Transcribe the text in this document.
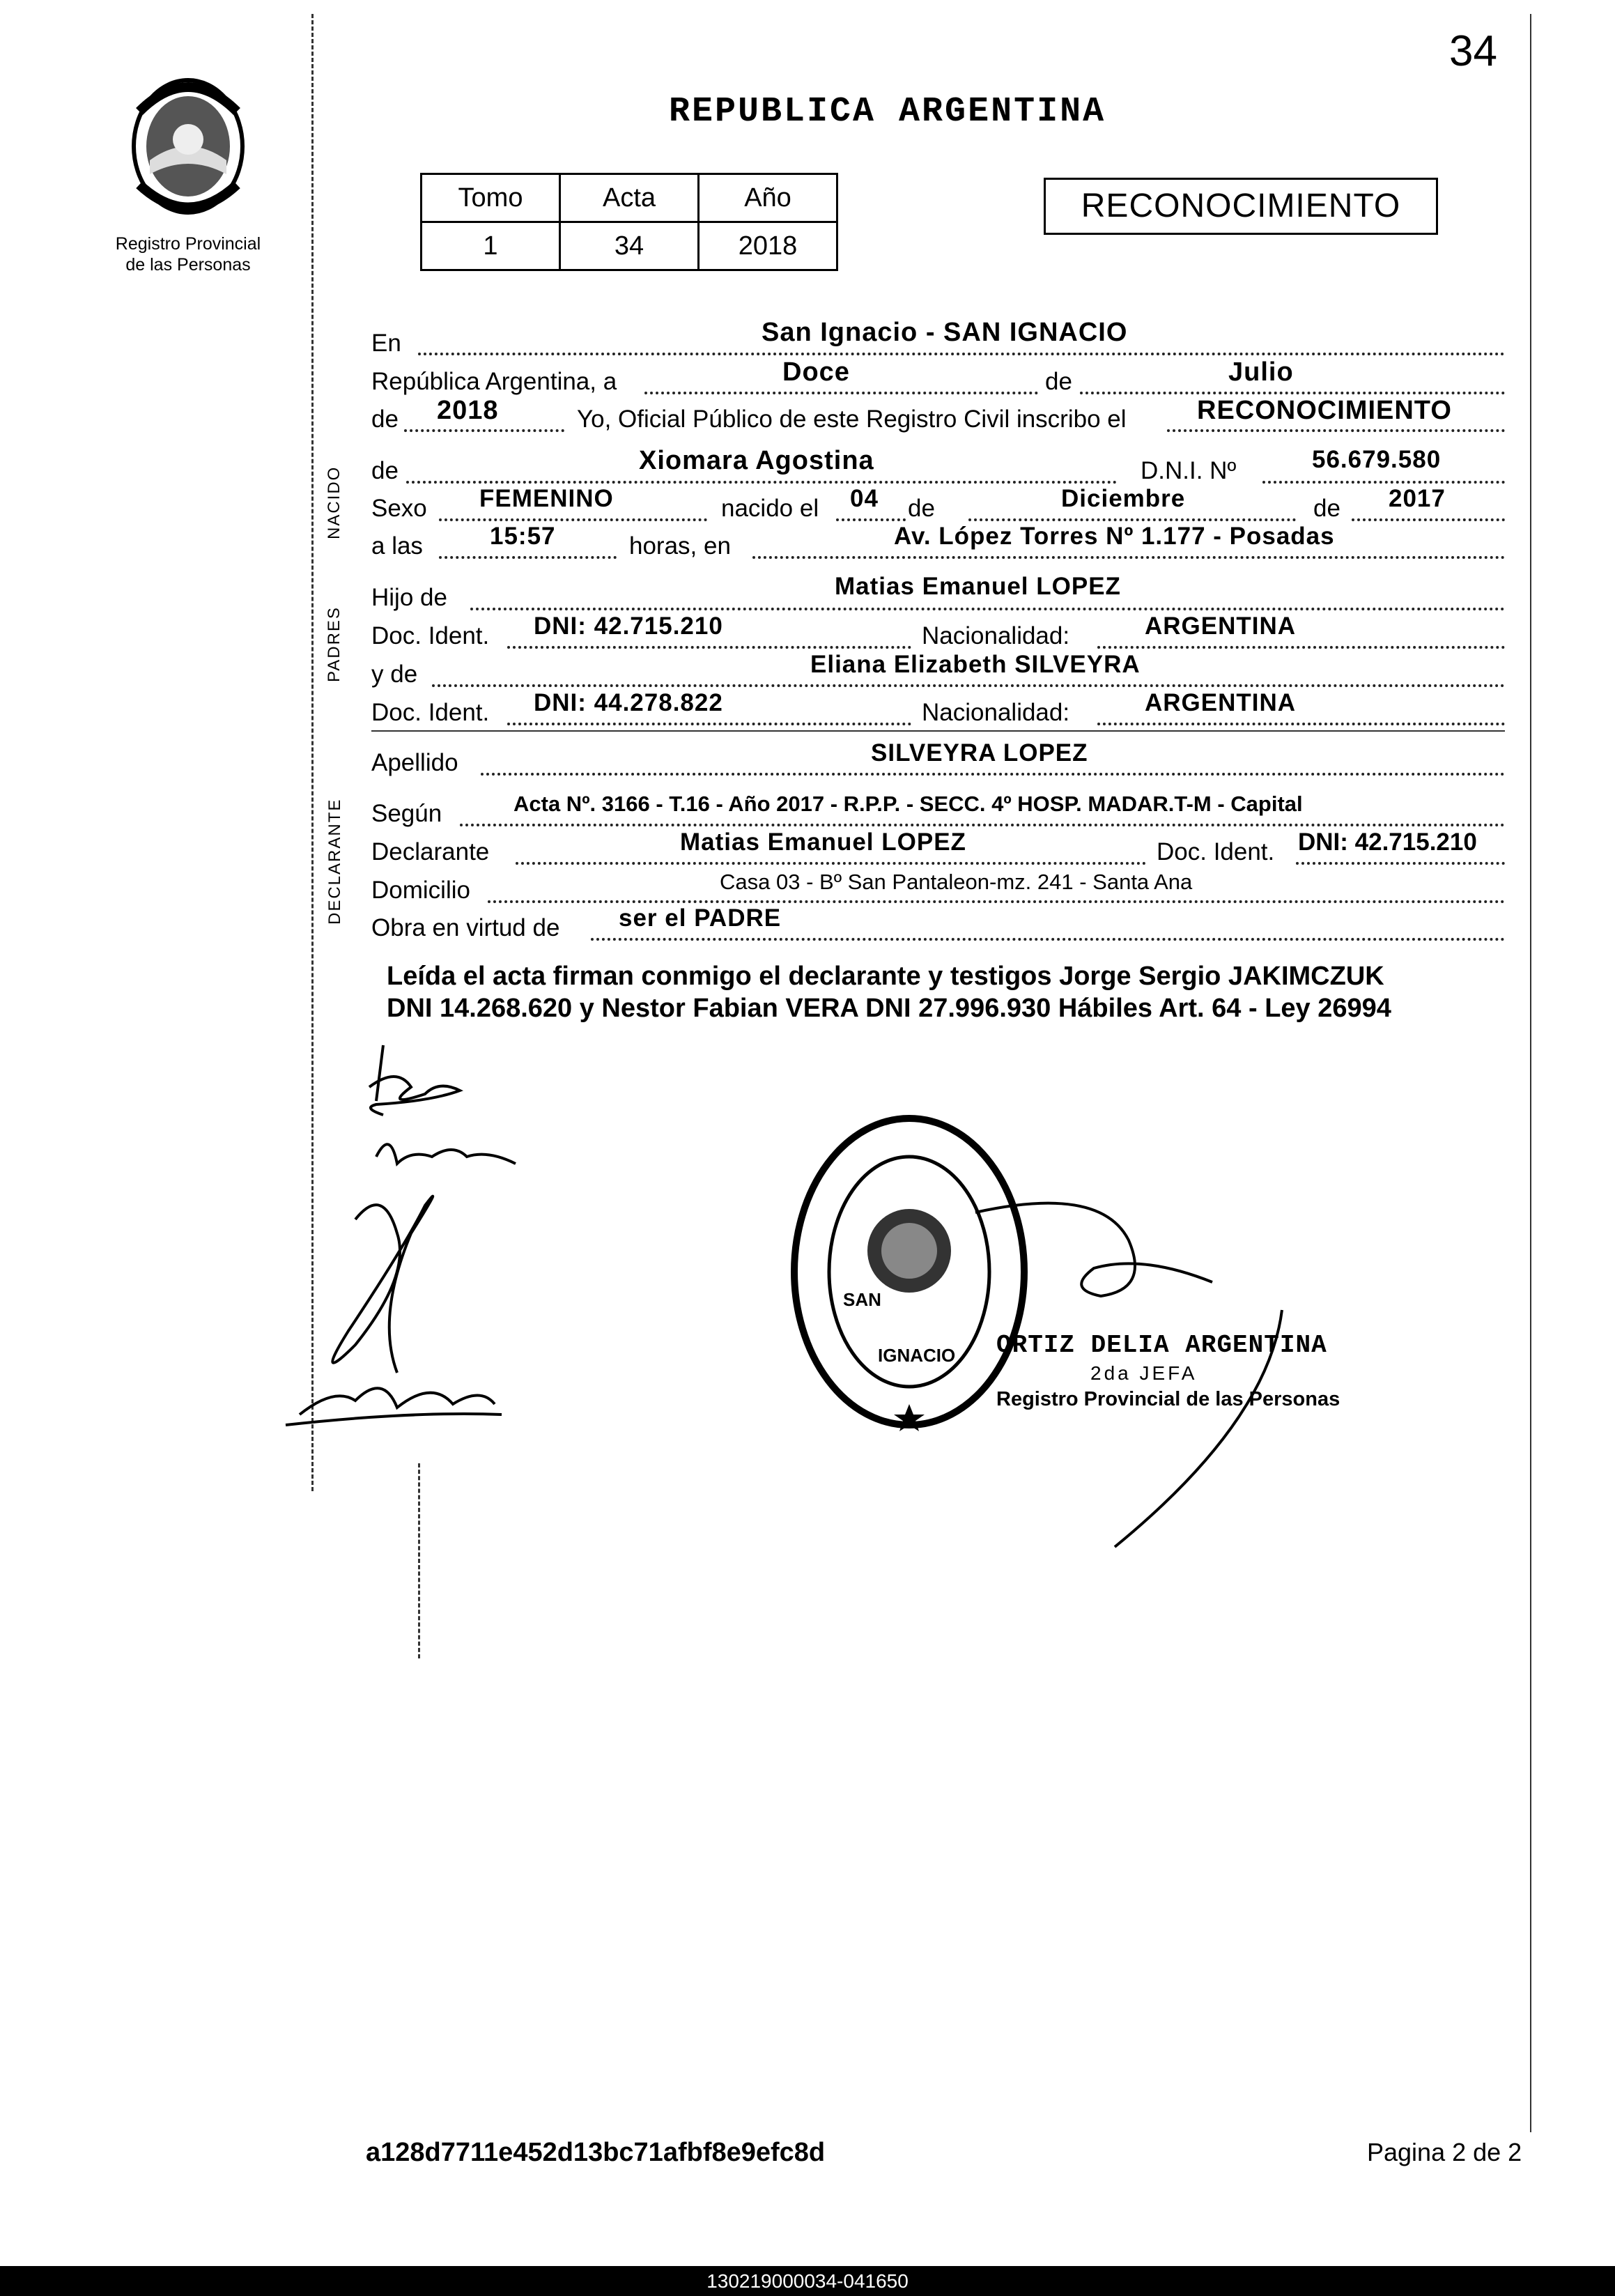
34
Registro Provincial
de las Personas
REPUBLICA ARGENTINA
Tomo	Acta	Año
1	34	2018
RECONOCIMIENTO
NACIDO
PADRES
DECLARANTE
En	San Ignacio - SAN IGNACIO
República Argentina, a	Doce	de	Julio
de 2018	Yo, Oficial Público de este Registro Civil inscribo el	RECONOCIMIENTO
de	Xiomara Agostina	D.N.I. Nº	56.679.580
Sexo FEMENINO	nacido el 04 de	Diciembre	de 2017
a las	15:57	horas, en	Av. López Torres Nº 1.177 - Posadas
Hijo de	Matias Emanuel LOPEZ
Doc. Ident. DNI: 42.715.210	Nacionalidad:	ARGENTINA
y de	Eliana Elizabeth SILVEYRA
Doc. Ident. DNI: 44.278.822	Nacionalidad:	ARGENTINA
Apellido	SILVEYRA LOPEZ
Según	Acta Nº. 3166 - T.16 - Año 2017 - R.P.P. - SECC. 4º HOSP. MADAR.T-M - Capital
Declarante	Matias Emanuel LOPEZ	Doc. Ident. DNI: 42.715.210
Domicilio	Casa 03 - Bº San Pantaleon-mz. 241 - Santa Ana
Obra en virtud de ser el PADRE
Leída el acta firman conmigo el declarante y testigos Jorge Sergio JAKIMCZUK
DNI 14.268.620 y Nestor Fabian VERA DNI 27.996.930 Hábiles Art. 64 - Ley 26994
SAN
IGNACIO ORTIZ DELIA ARGENTINA
2da JEFA
Registro Provincial de las Personas
a128d7711e452d13bc71afbf8e9efc8d	Pagina 2 de 2
130219000034-041650
